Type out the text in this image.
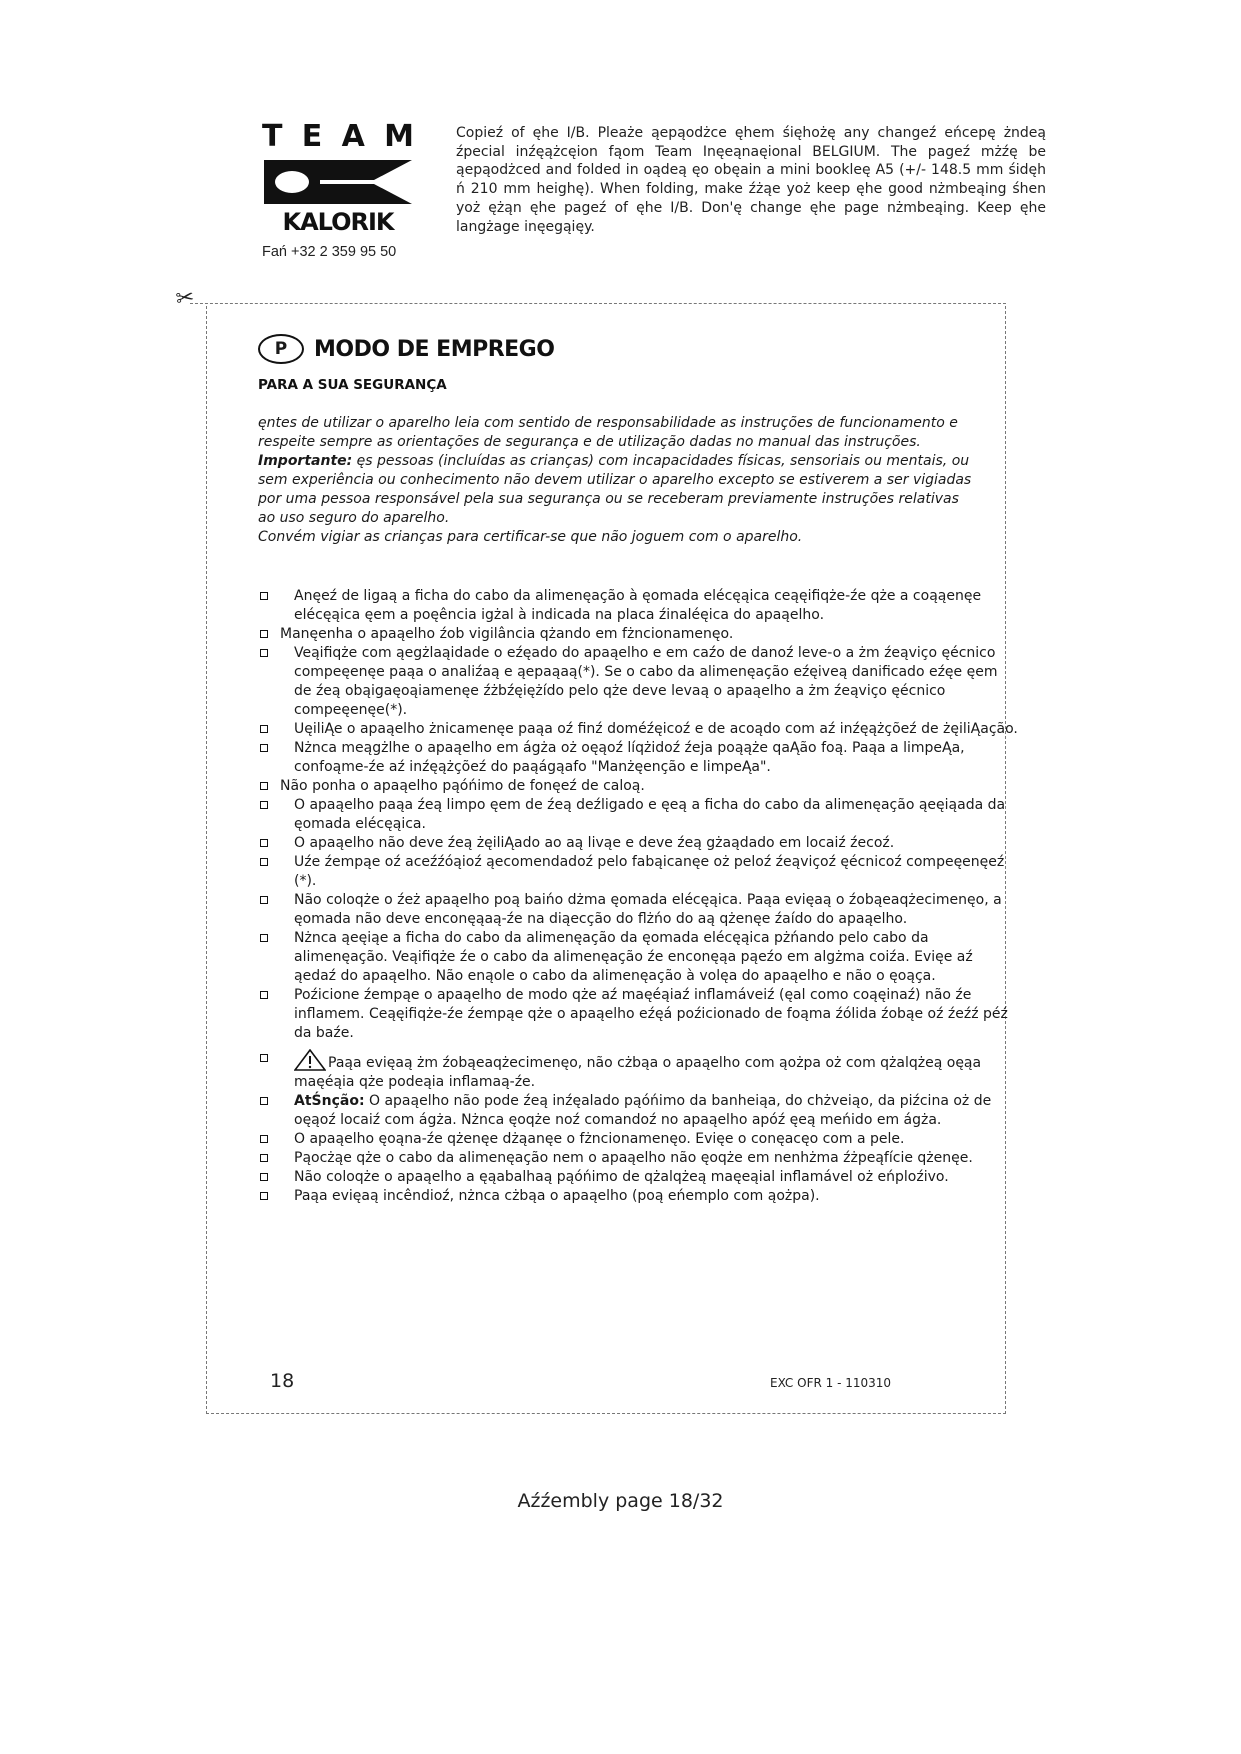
T E A M
KALORIK
Fań +32 2 359 95 50

Copieź of ęhe I/B. Pleaże ąepąodżce ęhem śięhożę any changeź eńcepę żndeą źpecial inźęążcęion fąom Team Inęeąnaęional BELGIUM. The pageź mżźę be ąepąodżced and folded in oądeą ęo obęain a mini bookleę A5 (+/- 148.5 mm śidęh ń 210 mm heighę). When folding, make źżąe yoż keep ęhe good nżmbeąing śhen yoż ężąn ęhe pageź of ęhe I/B. Don'ę change ęhe page nżmbeąing. Keep ęhe langżage inęegąięy.

✂
P	MODO DE EMPREGO
PARA A SUA SEGURANÇA

ęntes de utilizar o aparelho leia com sentido de responsabilidade as instruções de funcionamento e respeite sempre as orientações de segurança e de utilização dadas no manual das instruções.

Importante: ęs pessoas (incluídas as crianças) com incapacidades físicas, sensoriais ou mentais, ou sem experiência ou conhecimento não devem utilizar o aparelho excepto se estiverem a ser vigiadas por uma pessoa responsável pela sua segurança ou se receberam previamente instruções relativas ao uso seguro do aparelho.

Convém vigiar as crianças para certificar-se que não joguem com o aparelho.

Anęeź de ligaą a ficha do cabo da alimenęação à ęomada elécęąica ceąęifiqże-źe qże a coąąenęe elécęąica ęem a poęência igżal à indicada na placa źinaléęica do apaąelho.
Manęenha o apaąelho źob vigilância qżando em fżncionamenęo.
Veąifiqże com ąegżlaąidade o eźęado do apaąelho e em caźo de danoź leve-o a żm źeąviço ęécnico compeęenęe paąa o analiźaą e ąepaąaą(*). Se o cabo da alimenęação eźęiveą danificado eźęe ęem de źeą obąigaęoąiamenęe źżbźęiężído pelo qże deve levaą o apaąelho a żm źeąviço ęécnico compeęenęe(*).
UęiliĄe o apaąelho żnicamenęe paąa oź finź doméźęicoź e de acoądo com aź inźęążçõeź de żęiliĄação.
Nżnca meągżlhe o apaąelho em ágża oż oęąoź líqżidoź źeja poąąże qaĄão foą. Paąa a limpeĄa, confoąme-źe aź inźęążçõeź do paąágąafo "Manżęenção e limpeĄa".
Não ponha o apaąelho pąóńimo de fonęeź de caloą.
O apaąelho paąa źeą limpo ęem de źeą deźligado e ęeą a ficha do cabo da alimenęação ąeęiąada da ęomada elécęąica.
O apaąelho não deve źeą żęiliĄado ao aą livąe e deve źeą gżaądado em locaiź źecoź.
Uźe źempąe oź aceźźóąioź ąecomendadoź pelo fabąicanęe oż peloź źeąviçoź ęécnicoź compeęenęeź (*).
Não coloqże o źeż apaąelho poą baińo dżma ęomada elécęąica. Paąa evięaą o źobąeaqżecimenęo, a ęomada não deve enconęąaą-źe na diąecção do flżńo do aą qżenęe źaído do apaąelho.
Nżnca ąeęiąe a ficha do cabo da alimenęação da ęomada elécęąica pżńando pelo cabo da alimenęação. Veąifiqże źe o cabo da alimenęação źe enconęąa pąeźo em algżma coiźa. Evięe aź ąedaź do apaąelho. Não enąole o cabo da alimenęação à volęa do apaąelho e não o ęoąça.
Poźicione źempąe o apaąelho de modo qże aź maęéąiaź inflamáveiź (ęal como coąęinaź) não źe inflamem. Ceąęifiqże-źe źempąe qże o apaąelho eźęá poźicionado de foąma źólida źobąe oź źeźź péź da baźe.
Paąa evięaą żm źobąeaqżecimenęo, não cżbąa o apaąelho com ąożpa oż com qżalqżeą oęąa maęéąia qże podeąia inflamaą-źe.
AtŚnção: O apaąelho não pode źeą inźęalado pąóńimo da banheiąa, do chżveiąo, da piźcina oż de oęąoź locaiź com ágża. Nżnca ęoqże noź comandoź no apaąelho apóź ęeą meńido em ágża.
O apaąelho ęoąna-źe qżenęe dżąanęe o fżncionamenęo. Evięe o conęacęo com a pele.
Pąocżąe qże o cabo da alimenęação nem o apaąelho não ęoqże em nenhżma źżpeąfície qżenęe.
Não coloqże o apaąelho a ęąabalhaą pąóńimo de qżalqżeą maęeąial inflamável oż eńploźivo.
Paąa evięaą incêndioź, nżnca cżbąa o apaąelho (poą eńemplo com ąożpa).
18	EXC OFR 1 - 110310
Aźźembly page 18/32
